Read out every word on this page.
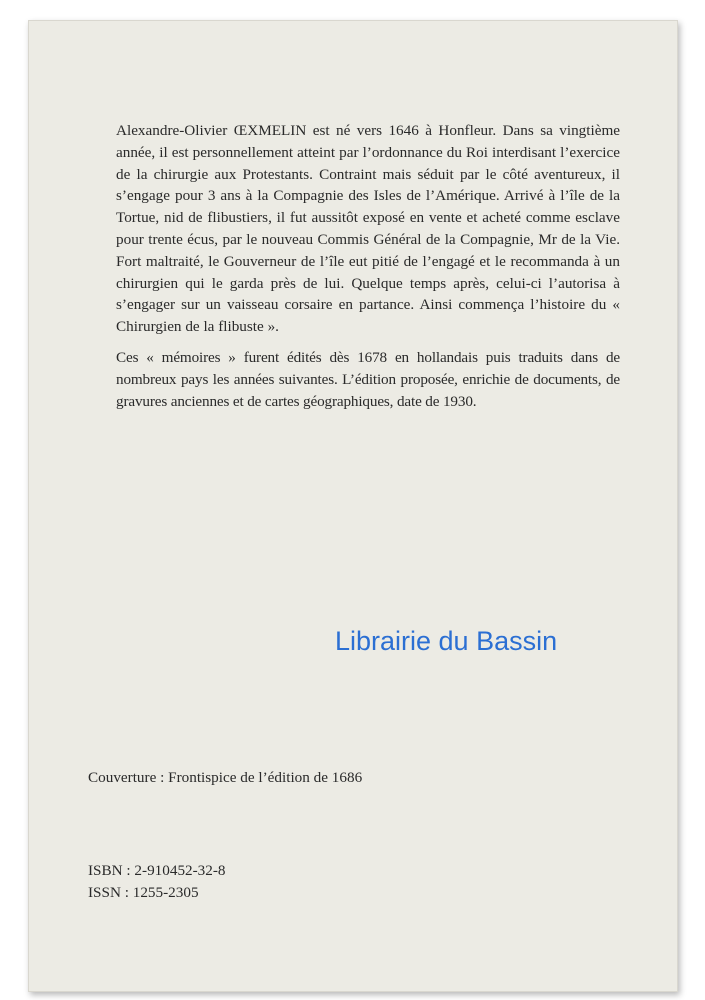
Alexandre-Olivier ŒXMELIN est né vers 1646 à Honfleur. Dans sa vingtième année, il est personnellement atteint par l’ordonnance du Roi interdisant l’exercice de la chirurgie aux Protestants. Contraint mais séduit par le côté aventureux, il s’engage pour 3 ans à la Compagnie des Isles de l’Amérique. Arrivé à l’île de la Tortue, nid de flibustiers, il fut aussitôt exposé en vente et acheté comme esclave pour trente écus, par le nouveau Commis Général de la Compagnie, Mr de la Vie. Fort maltraité, le Gouverneur de l’île eut pitié de l’engagé et le recommanda à un chirurgien qui le garda près de lui. Quelque temps après, celui-ci l’autorisa à s’engager sur un vaisseau corsaire en partance. Ainsi commença l’histoire du « Chirurgien de la flibuste ».

Ces « mémoires » furent édités dès 1678 en hollandais puis traduits dans de nombreux pays les années suivantes. L’édition proposée, enrichie de documents, de gravures anciennes et de cartes géographiques, date de 1930.

Librairie du Bassin
Couverture : Frontispice de l’édition de 1686
ISBN : 2-910452-32-8
ISSN : 1255-2305
